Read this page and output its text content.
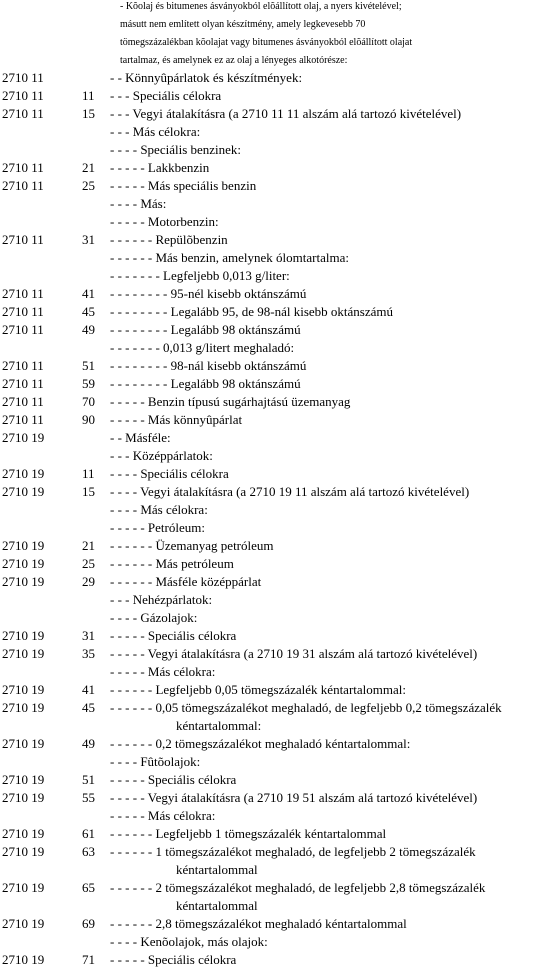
- Kõolaj és bitumenes ásványokból elõállított olaj, a nyers kivételével;
másutt nem említett olyan készítmény, amely legkevesebb 70
tömegszázalékban kõolajat vagy bitumenes ásványokból elõállított olajat
tartalmaz, és amelynek ez az olaj a lényeges alkotórésze:
2710 11	- - Könnyûpárlatok és készítmények:
2710 11	11 - - - Speciális célokra
2710 11	15 - - - Vegyi átalakításra (a 2710 11 11 alszám alá tartozó kivételével)
- - - Más célokra:
- - - - Speciális benzinek:
2710 11	21 - - - - - Lakkbenzin
2710 11	25 - - - - - Más speciális benzin
- - - - Más:
- - - - - Motorbenzin:
2710 11	31 - - - - - - Repülõbenzin
- - - - - - Más benzin, amelynek ólomtartalma:
- - - - - - - Legfeljebb 0,013 g/liter:
2710 11	41 - - - - - - - - 95-nél kisebb oktánszámú
2710 11	45 - - - - - - - - Legalább 95, de 98-nál kisebb oktánszámú
2710 11	49 - - - - - - - - Legalább 98 oktánszámú
- - - - - - - 0,013 g/litert meghaladó:
2710 11	51 - - - - - - - - 98-nál kisebb oktánszámú
2710 11	59 - - - - - - - - Legalább 98 oktánszámú
2710 11	70 - - - - - Benzin típusú sugárhajtású üzemanyag
2710 11	90 - - - - - Más könnyûpárlat
2710 19	- - Másféle:
- - - Középpárlatok:
2710 19	11 - - - - Speciális célokra
2710 19	15 - - - - Vegyi átalakításra (a 2710 19 11 alszám alá tartozó kivételével)
- - - - Más célokra:
- - - - - Petróleum:
2710 19	21 - - - - - - Üzemanyag petróleum
2710 19	25 - - - - - - Más petróleum
2710 19	29 - - - - - - Másféle középpárlat
- - - Nehézpárlatok:
- - - - Gázolajok:
2710 19	31 - - - - - Speciális célokra
2710 19	35 - - - - - Vegyi átalakításra (a 2710 19 31 alszám alá tartozó kivételével)
- - - - - Más célokra:
2710 19	41 - - - - - - Legfeljebb 0,05 tömegszázalék kéntartalommal:
2710 19	45 - - - - - - 0,05 tömegszázalékot meghaladó, de legfeljebb 0,2 tömegszázalék
kéntartalommal:
2710 19	49 - - - - - - 0,2 tömegszázalékot meghaladó kéntartalommal:
- - - - Fûtõolajok:
2710 19	51 - - - - - Speciális célokra
2710 19	55 - - - - - Vegyi átalakításra (a 2710 19 51 alszám alá tartozó kivételével)
- - - - - Más célokra:
2710 19	61 - - - - - - Legfeljebb 1 tömegszázalék kéntartalommal
2710 19	63 - - - - - - 1 tömegszázalékot meghaladó, de legfeljebb 2 tömegszázalék
kéntartalommal
2710 19	65 - - - - - - 2 tömegszázalékot meghaladó, de legfeljebb 2,8 tömegszázalék
kéntartalommal
2710 19	69 - - - - - - 2,8 tömegszázalékot meghaladó kéntartalommal
- - - - Kenõolajok, más olajok:
2710 19	71 - - - - - Speciális célokra
